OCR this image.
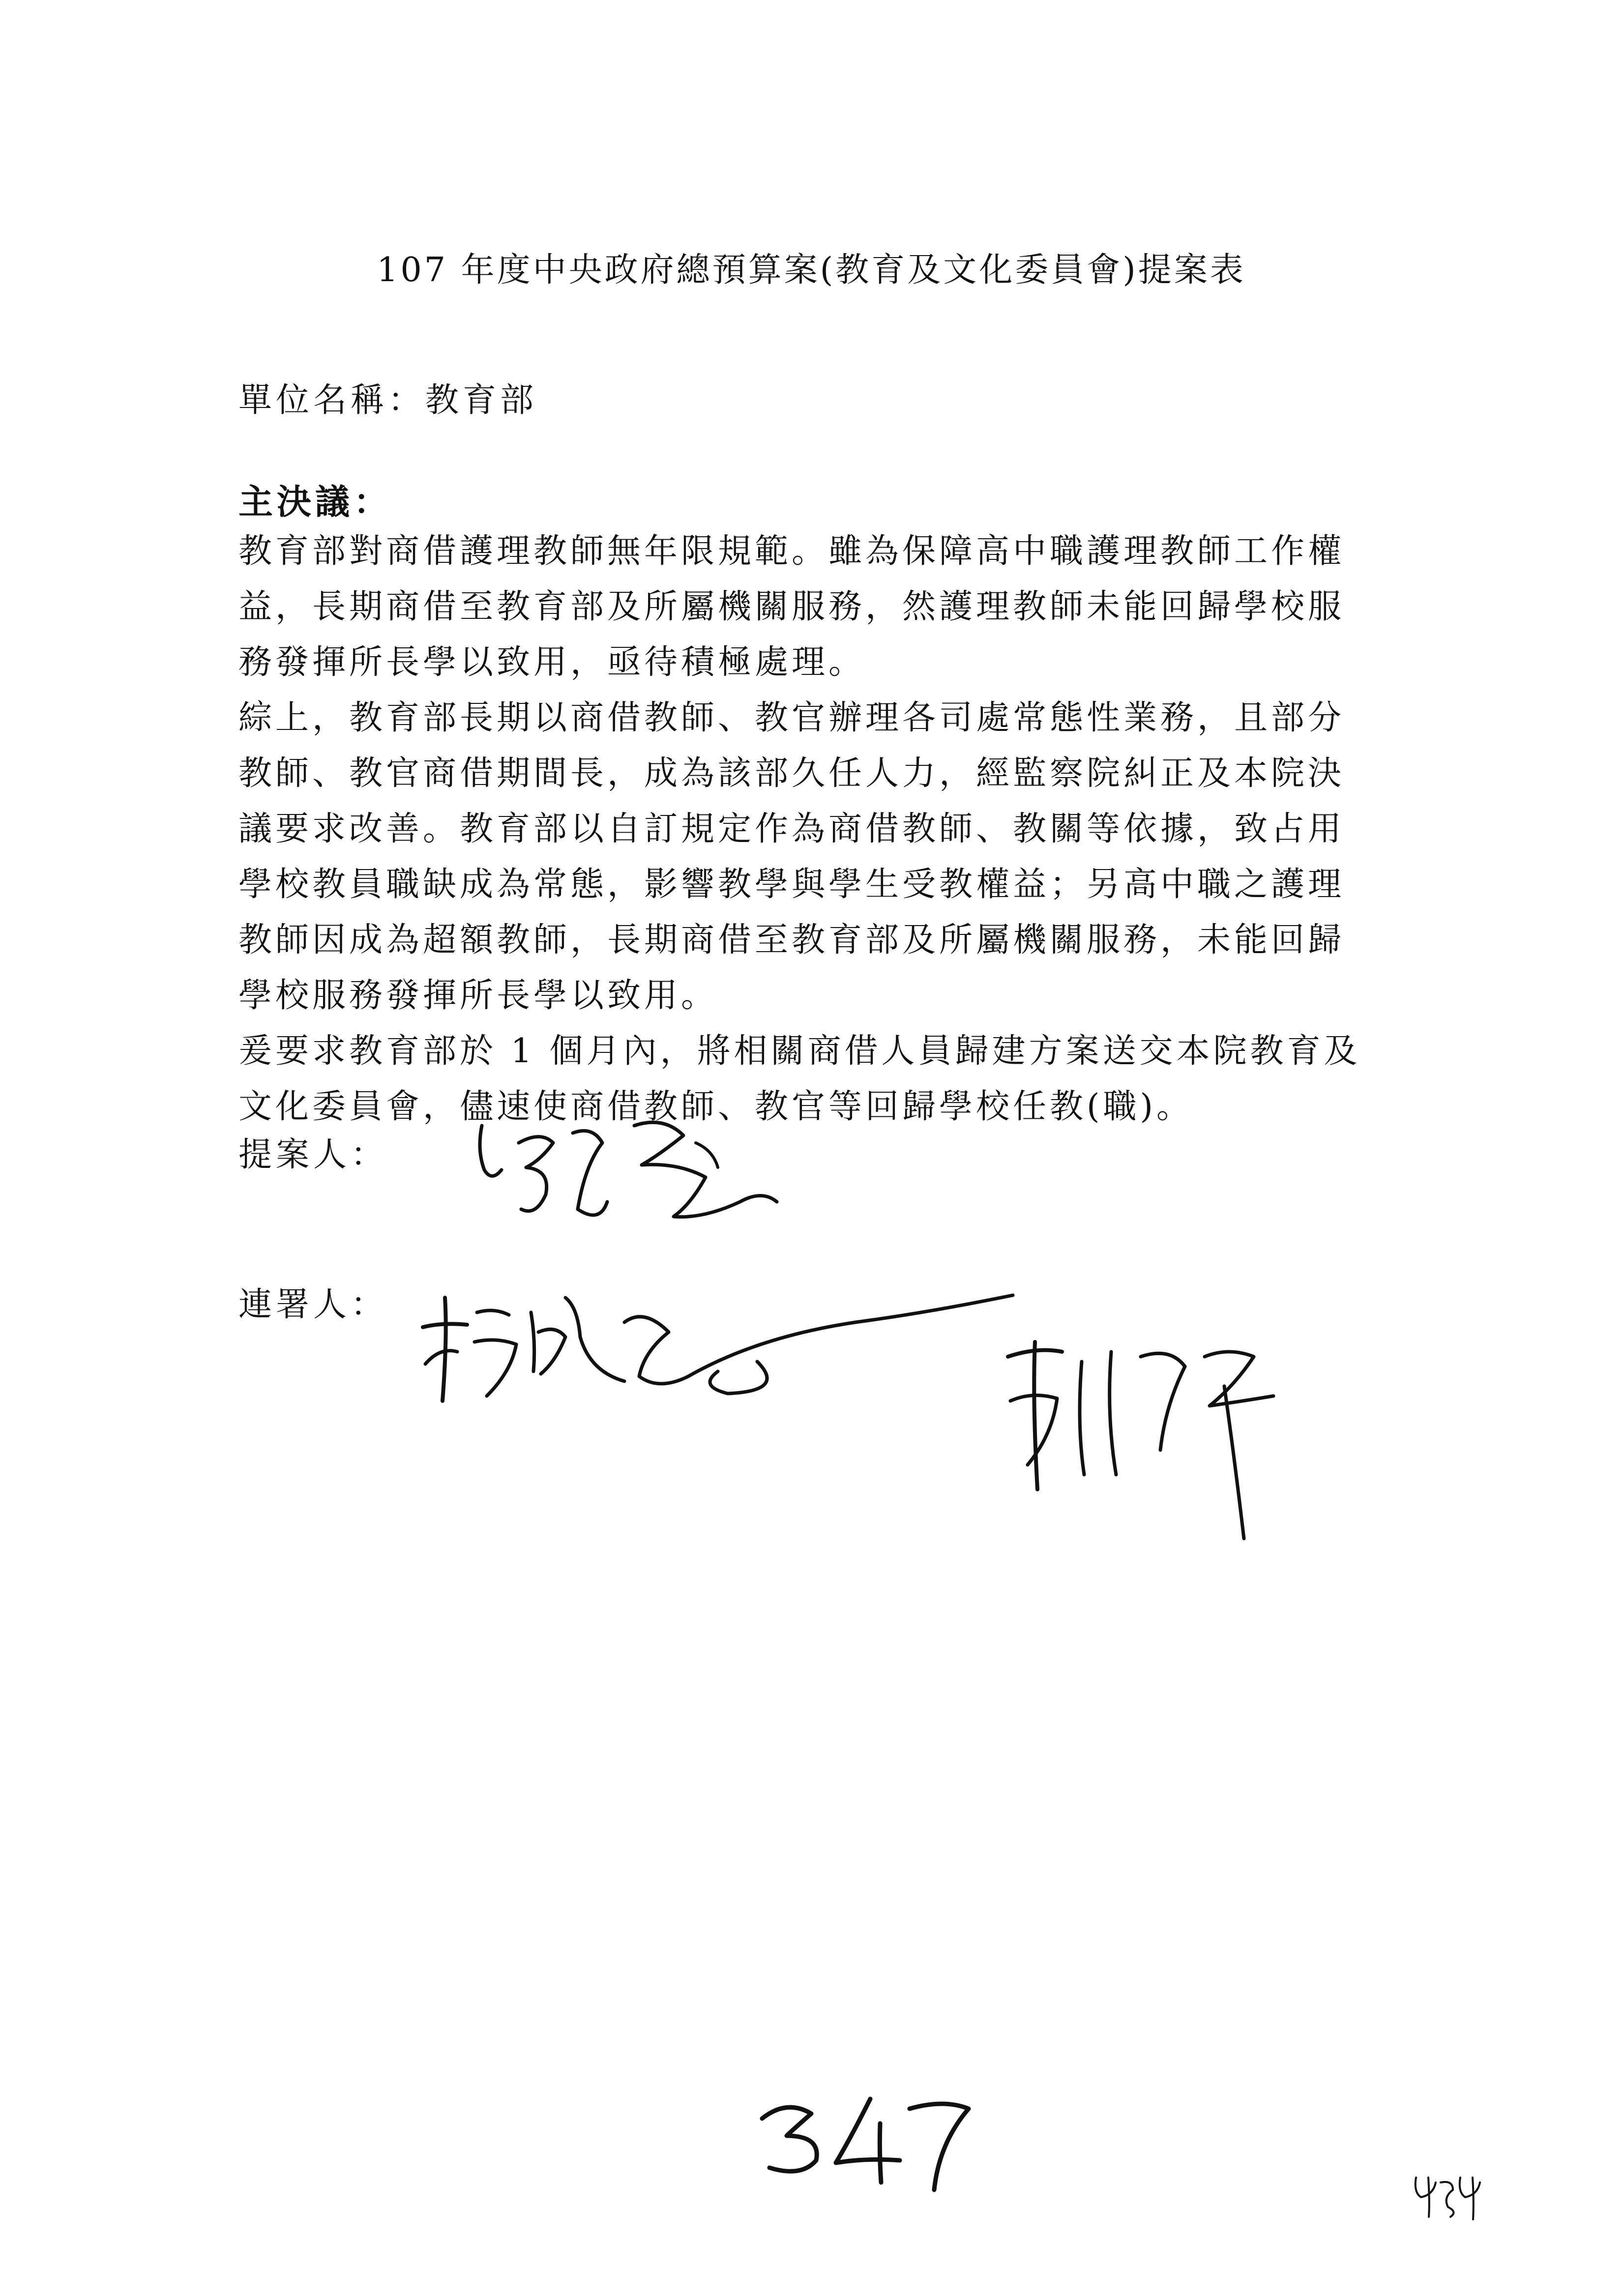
107 年度中央政府總預算案(教育及文化委員會)提案表
單位名稱：教育部
主決議：

教育部對商借護理教師無年限規範。雖為保障高中職護理教師工作權益，長期商借至教育部及所屬機關服務，然護理教師未能回歸學校服務發揮所長學以致用，亟待積極處理。

綜上，教育部長期以商借教師、教官辦理各司處常態性業務，且部分教師、教官商借期間長，成為該部久任人力，經監察院糾正及本院決議要求改善。教育部以自訂規定作為商借教師、教關等依據，致占用學校教員職缺成為常態，影響教學與學生受教權益；另高中職之護理教師因成為超額教師，長期商借至教育部及所屬機關服務，未能回歸學校服務發揮所長學以致用。

爰要求教育部於 1 個月內，將相關商借人員歸建方案送交本院教育及文化委員會，儘速使商借教師、教官等回歸學校任教(職)。

提案人：
連署人：
